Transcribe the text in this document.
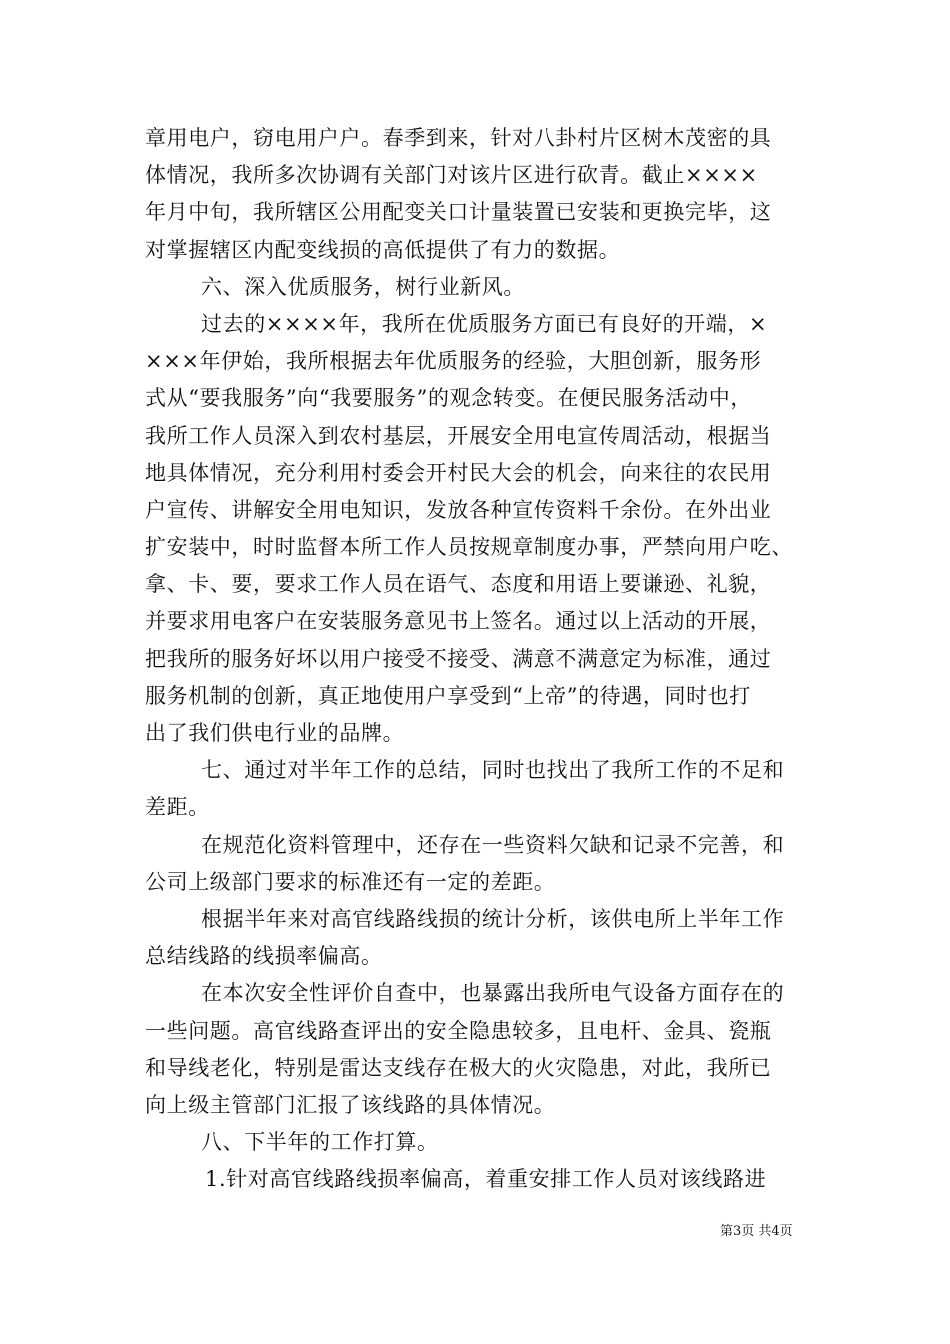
章用电户，窃电用户户。春季到来，针对八卦村片区树木茂密的具
体情况，我所多次协调有关部门对该片区进行砍青。截止××××
年月中旬，我所辖区公用配变关口计量装置已安装和更换完毕，这
对掌握辖区内配变线损的高低提供了有力的数据。
六、深入优质服务，树行业新风。
过去的××××年，我所在优质服务方面已有良好的开端，×
×××年伊始，我所根据去年优质服务的经验，大胆创新，服务形
式从“要我服务”向“我要服务”的观念转变。在便民服务活动中，
我所工作人员深入到农村基层，开展安全用电宣传周活动，根据当
地具体情况，充分利用村委会开村民大会的机会，向来往的农民用
户宣传、讲解安全用电知识，发放各种宣传资料千余份。在外出业
扩安装中，时时监督本所工作人员按规章制度办事，严禁向用户吃、
拿、卡、要，要求工作人员在语气、态度和用语上要谦逊、礼貌，
并要求用电客户在安装服务意见书上签名。通过以上活动的开展，
把我所的服务好坏以用户接受不接受、满意不满意定为标准，通过
服务机制的创新，真正地使用户享受到“上帝”的待遇，同时也打
出了我们供电行业的品牌。
七、通过对半年工作的总结，同时也找出了我所工作的不足和
差距。
在规范化资料管理中，还存在一些资料欠缺和记录不完善，和
公司上级部门要求的标准还有一定的差距。
根据半年来对高官线路线损的统计分析，该供电所上半年工作
总结线路的线损率偏高。
在本次安全性评价自查中，也暴露出我所电气设备方面存在的
一些问题。高官线路查评出的安全隐患较多，且电杆、金具、瓷瓶
和导线老化，特别是雷达支线存在极大的火灾隐患，对此，我所已
向上级主管部门汇报了该线路的具体情况。
八、下半年的工作打算。
1.针对高官线路线损率偏高，着重安排工作人员对该线路进
第3页 共4页
